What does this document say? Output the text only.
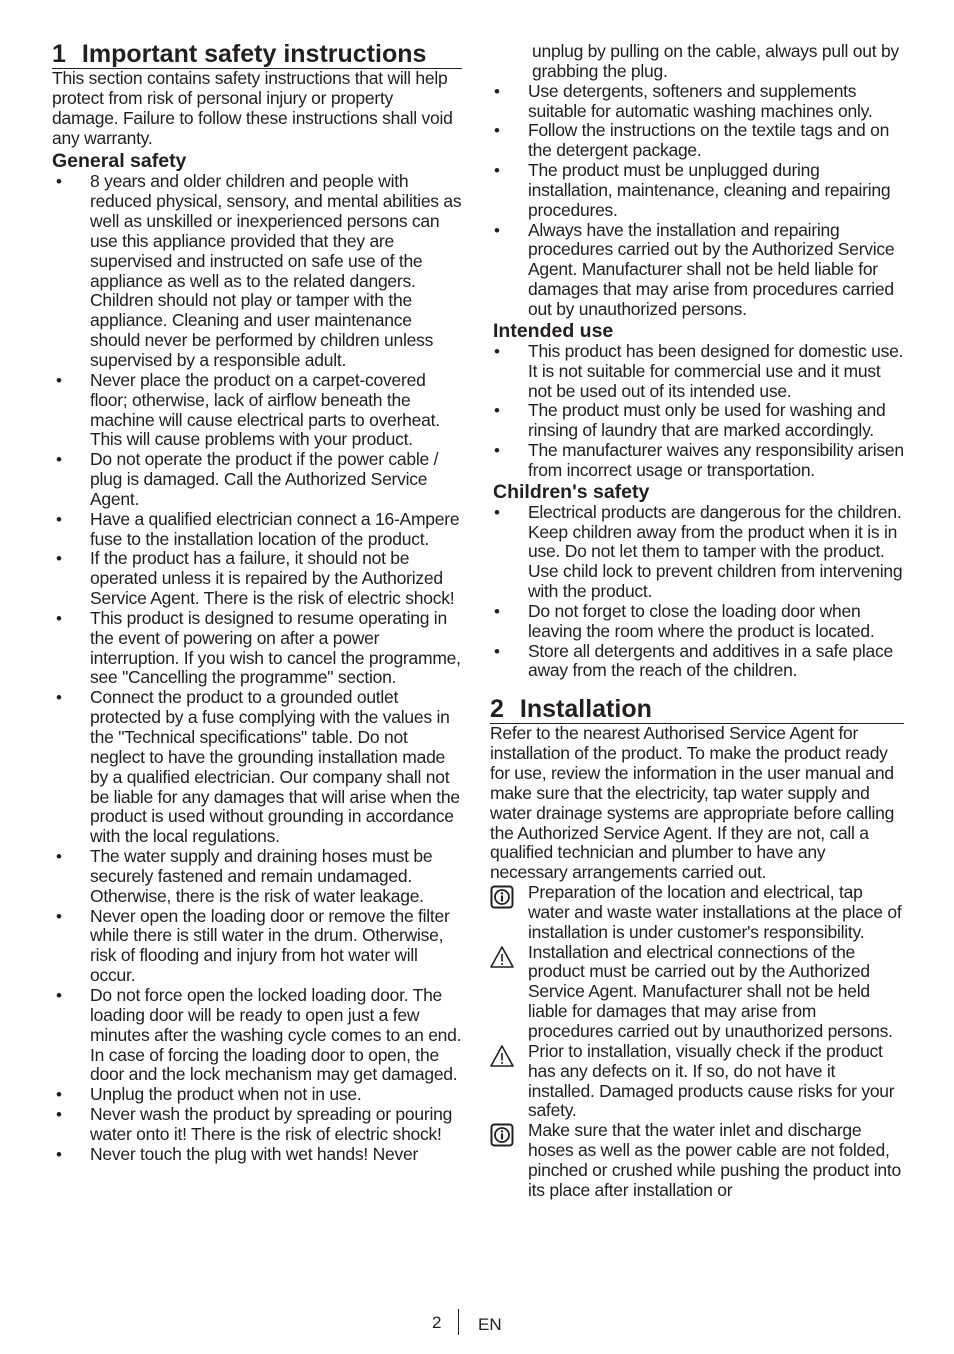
1 Important safety instructions

This section contains safety instructions that will help protect from risk of personal injury or property damage. Failure to follow these instructions shall void any warranty.

General safety
• 8 years and older children and people with reduced physical, sensory, and mental abilities as well as unskilled or inexperienced persons can use this appliance provided that they are supervised and instructed on safe use of the appliance as well as to the related dangers. Children should not play or tamper with the appliance. Cleaning and user maintenance should never be performed by children unless supervised by a responsible adult.
• Never place the product on a carpet-covered floor; otherwise, lack of airflow beneath the machine will cause electrical parts to overheat. This will cause problems with your product.
• Do not operate the product if the power cable / plug is damaged. Call the Authorized Service Agent.
• Have a qualified electrician connect a 16-Ampere fuse to the installation location of the product.
• If the product has a failure, it should not be operated unless it is repaired by the Authorized Service Agent. There is the risk of electric shock!
• This product is designed to resume operating in the event of powering on after a power interruption. If you wish to cancel the programme, see "Cancelling the programme" section.
• Connect the product to a grounded outlet protected by a fuse complying with the values in the "Technical specifications" table. Do not neglect to have the grounding installation made by a qualified electrician. Our company shall not be liable for any damages that will arise when the product is used without grounding in accordance with the local regulations.
• The water supply and draining hoses must be securely fastened and remain undamaged. Otherwise, there is the risk of water leakage.
• Never open the loading door or remove the filter while there is still water in the drum. Otherwise, risk of flooding and injury from hot water will occur.
• Do not force open the locked loading door. The loading door will be ready to open just a few minutes after the washing cycle comes to an end. In case of forcing the loading door to open, the door and the lock mechanism may get damaged.
• Unplug the product when not in use.
• Never wash the product by spreading or pouring water onto it! There is the risk of electric shock!
• Never touch the plug with wet hands! Never

unplug by pulling on the cable, always pull out by grabbing the plug.

• Use detergents, softeners and supplements suitable for automatic washing machines only.
• Follow the instructions on the textile tags and on the detergent package.
• The product must be unplugged during installation, maintenance, cleaning and repairing procedures.
• Always have the installation and repairing procedures carried out by the Authorized Service Agent. Manufacturer shall not be held liable for damages that may arise from procedures carried out by unauthorized persons.
Intended use
• This product has been designed for domestic use. It is not suitable for commercial use and it must not be used out of its intended use.
• The product must only be used for washing and rinsing of laundry that are marked accordingly.
• The manufacturer waives any responsibility arisen from incorrect usage or transportation.
Children's safety
• Electrical products are dangerous for the children. Keep children away from the product when it is in use. Do not let them to tamper with the product. Use child lock to prevent children from intervening with the product.
• Do not forget to close the loading door when leaving the room where the product is located.
• Store all detergents and additives in a safe place away from the reach of the children.
2 Installation

Refer to the nearest Authorised Service Agent for installation of the product. To make the product ready for use, review the information in the user manual and make sure that the electricity, tap water supply and water drainage systems are appropriate before calling the Authorized Service Agent. If they are not, call a qualified technician and plumber to have any necessary arrangements carried out.

Preparation of the location and electrical, tap water and waste water installations at the place of installation is under customer's responsibility.
Installation and electrical connections of the product must be carried out by the Authorized Service Agent. Manufacturer shall not be held liable for damages that may arise from procedures carried out by unauthorized persons.
Prior to installation, visually check if the product has any defects on it. If so, do not have it installed. Damaged products cause risks for your safety.
Make sure that the water inlet and discharge hoses as well as the power cable are not folded, pinched or crushed while pushing the product into its place after installation or
2 EN
